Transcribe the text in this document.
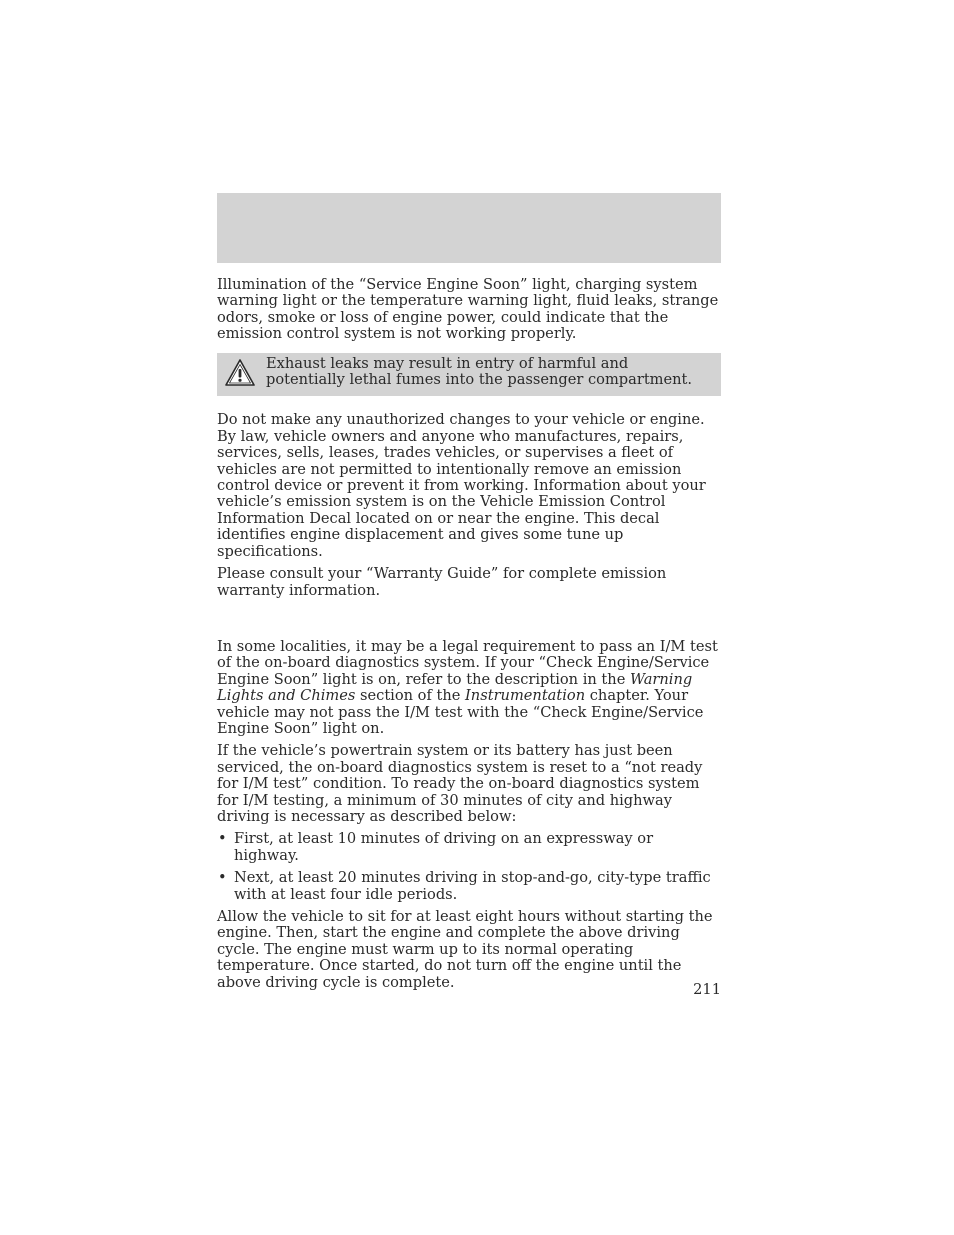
Illumination of the “Service Engine Soon” light, charging system warning light or the temperature warning light, fluid leaks, strange odors, smoke or loss of engine power, could indicate that the emission control system is not working properly.

Exhaust leaks may result in entry of harmful and potentially lethal fumes into the passenger compartment.

Do not make any unauthorized changes to your vehicle or engine. By law, vehicle owners and anyone who manufactures, repairs, services, sells, leases, trades vehicles, or supervises a fleet of vehicles are not permitted to intentionally remove an emission control device or prevent it from working. Information about your vehicle’s emission system is on the Vehicle Emission Control Information Decal located on or near the engine. This decal identifies engine displacement and gives some tune up specifications.

Please consult your “Warranty Guide” for complete emission warranty information.

In some localities, it may be a legal requirement to pass an I/M test of the on-board diagnostics system. If your “Check Engine/Service Engine Soon” light is on, refer to the description in the Warning Lights and Chimes section of the Instrumentation chapter. Your vehicle may not pass the I/M test with the “Check Engine/Service Engine Soon” light on.

If the vehicle’s powertrain system or its battery has just been serviced, the on-board diagnostics system is reset to a “not ready for I/M test” condition. To ready the on-board diagnostics system for I/M testing, a minimum of 30 minutes of city and highway driving is necessary as described below:

• First, at least 10 minutes of driving on an expressway or highway.
• Next, at least 20 minutes driving in stop-and-go, city-type traffic with at least four idle periods.

Allow the vehicle to sit for at least eight hours without starting the engine. Then, start the engine and complete the above driving cycle. The engine must warm up to its normal operating temperature. Once started, do not turn off the engine until the above driving cycle is complete.	211
